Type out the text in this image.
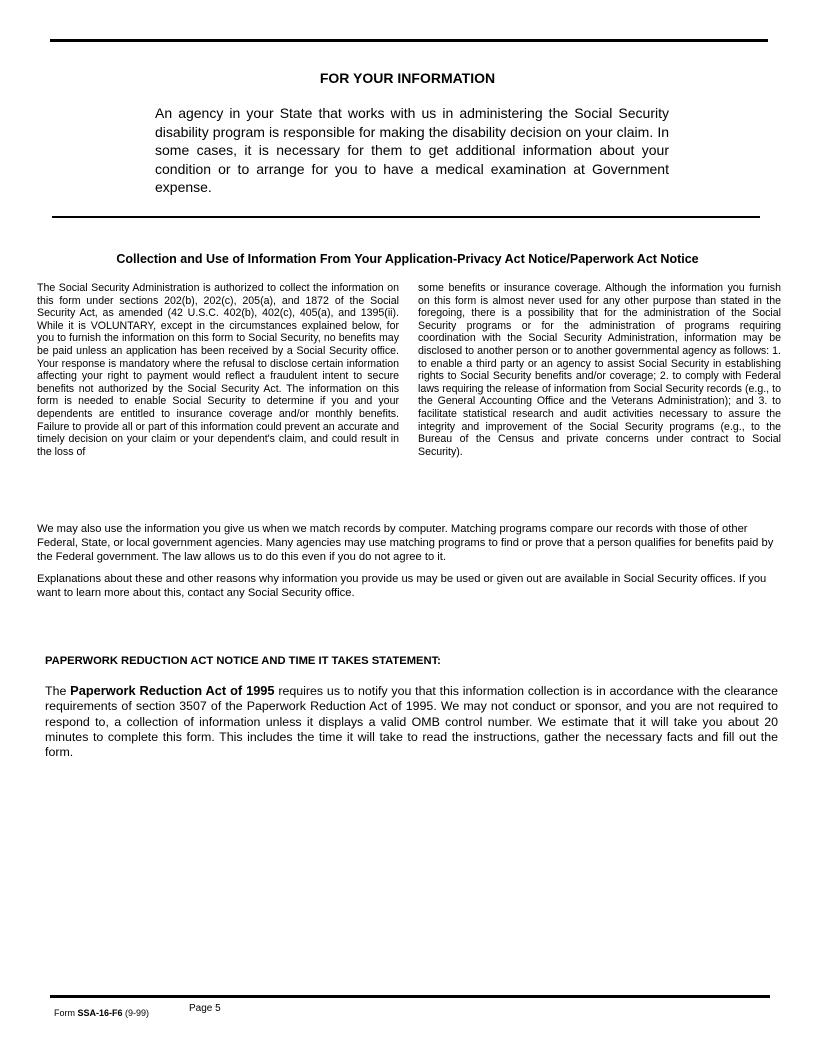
FOR YOUR INFORMATION
An agency in your State that works with us in administering the Social Security disability program is responsible for making the disability decision on your claim. In some cases, it is necessary for them to get additional information about your condition or to arrange for you to have a medical examination at Government expense.
Collection and Use of Information From Your Application-Privacy Act Notice/Paperwork Act Notice
The Social Security Administration is authorized to collect the information on this form under sections 202(b), 202(c), 205(a), and 1872 of the Social Security Act, as amended (42 U.S.C. 402(b), 402(c), 405(a), and 1395(ii). While it is VOLUNTARY, except in the circumstances explained below, for you to furnish the information on this form to Social Security, no benefits may be paid unless an application has been received by a Social Security office. Your response is mandatory where the refusal to disclose certain information affecting your right to payment would reflect a fraudulent intent to secure benefits not authorized by the Social Security Act. The information on this form is needed to enable Social Security to determine if you and your dependents are entitled to insurance coverage and/or monthly benefits. Failure to provide all or part of this information could prevent an accurate and timely decision on your claim or your dependent's claim, and could result in the loss of
some benefits or insurance coverage. Although the information you furnish on this form is almost never used for any other purpose than stated in the foregoing, there is a possibility that for the administration of the Social Security programs or for the administration of programs requiring coordination with the Social Security Administration, information may be disclosed to another person or to another governmental agency as follows: 1. to enable a third party or an agency to assist Social Security in establishing rights to Social Security benefits and/or coverage; 2. to comply with Federal laws requiring the release of information from Social Security records (e.g., to the General Accounting Office and the Veterans Administration); and 3. to facilitate statistical research and audit activities necessary to assure the integrity and improvement of the Social Security programs (e.g., to the Bureau of the Census and private concerns under contract to Social Security).
We may also use the information you give us when we match records by computer. Matching programs compare our records with those of other Federal, State, or local government agencies. Many agencies may use matching programs to find or prove that a person qualifies for benefits paid by the Federal government. The law allows us to do this even if you do not agree to it.
Explanations about these and other reasons why information you provide us may be used or given out are available in Social Security offices. If you want to learn more about this, contact any Social Security office.
PAPERWORK REDUCTION ACT NOTICE AND TIME IT TAKES STATEMENT:
The Paperwork Reduction Act of 1995 requires us to notify you that this information collection is in accordance with the clearance requirements of section 3507 of the Paperwork Reduction Act of 1995. We may not conduct or sponsor, and you are not required to respond to, a collection of information unless it displays a valid OMB control number. We estimate that it will take you about 20 minutes to complete this form. This includes the time it will take to read the instructions, gather the necessary facts and fill out the form.
Form SSA-16-F6 (9-99)	Page 5
